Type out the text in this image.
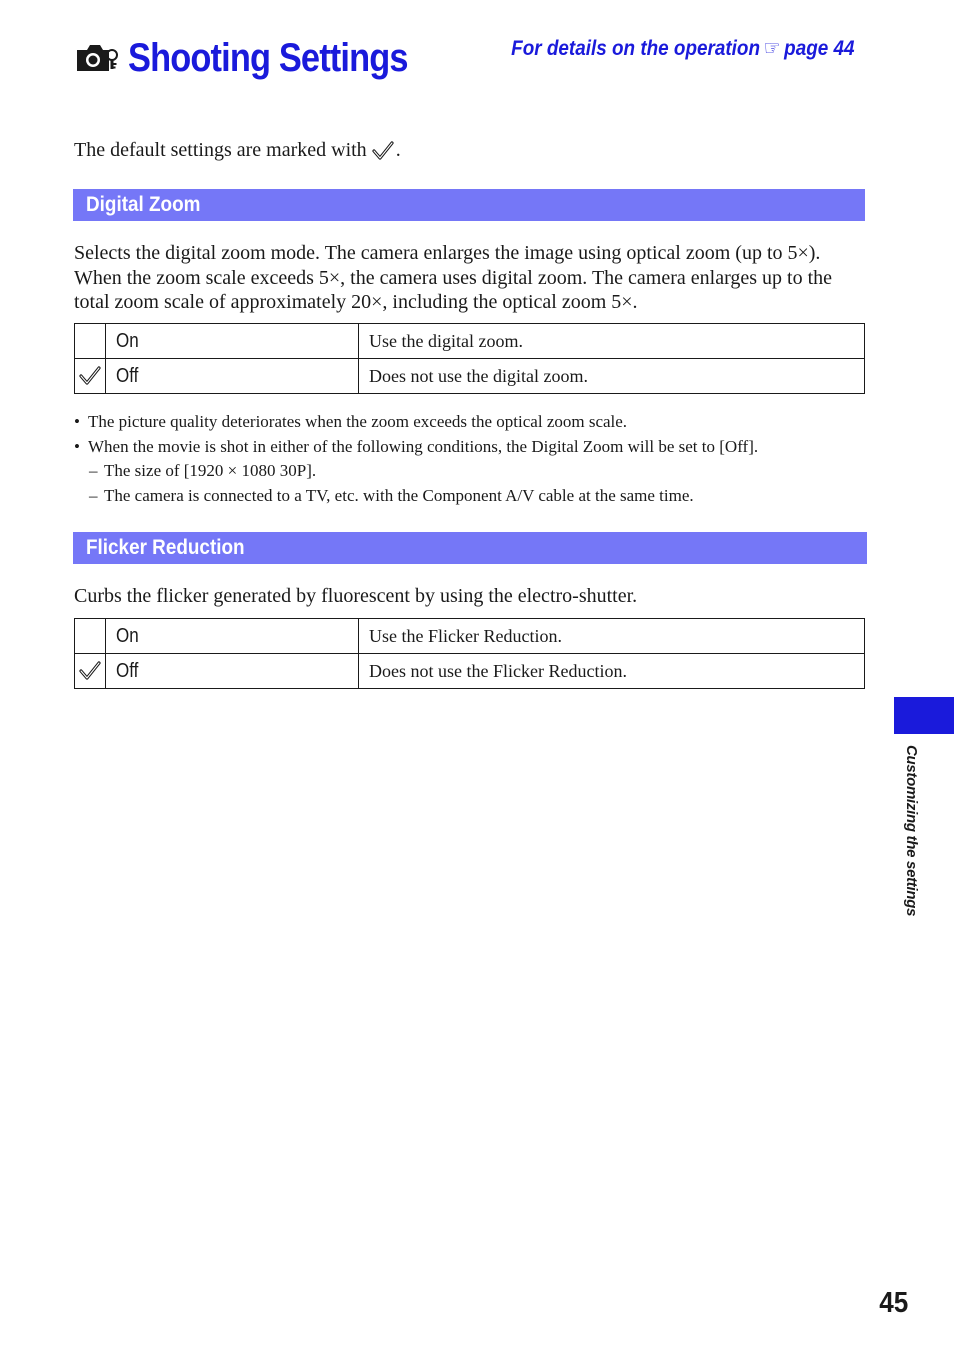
Shooting Settings	For details on the operation ☞ page 44
The default settings are marked with .
Digital Zoom

Selects the digital zoom mode. The camera enlarges the image using optical zoom (up to 5×). When the zoom scale exceeds 5×, the camera uses digital zoom. The camera enlarges up to the total zoom scale of approximately 20×, including the optical zoom 5×.

	On	Use the digital zoom.

	Off	Does not use the digital zoom.
• The picture quality deteriorates when the zoom exceeds the optical zoom scale.
• When the movie is shot in either of the following conditions, the Digital Zoom will be set to [Off].
– The size of [1920 × 1080 30P].
– The camera is connected to a TV, etc. with the Component A/V cable at the same time.
Flicker Reduction

Curbs the flicker generated by fluorescent by using the electro-shutter.

	On	Use the Flicker Reduction.

	Off	Does not use the Flicker Reduction.
Customizing the settings
45
